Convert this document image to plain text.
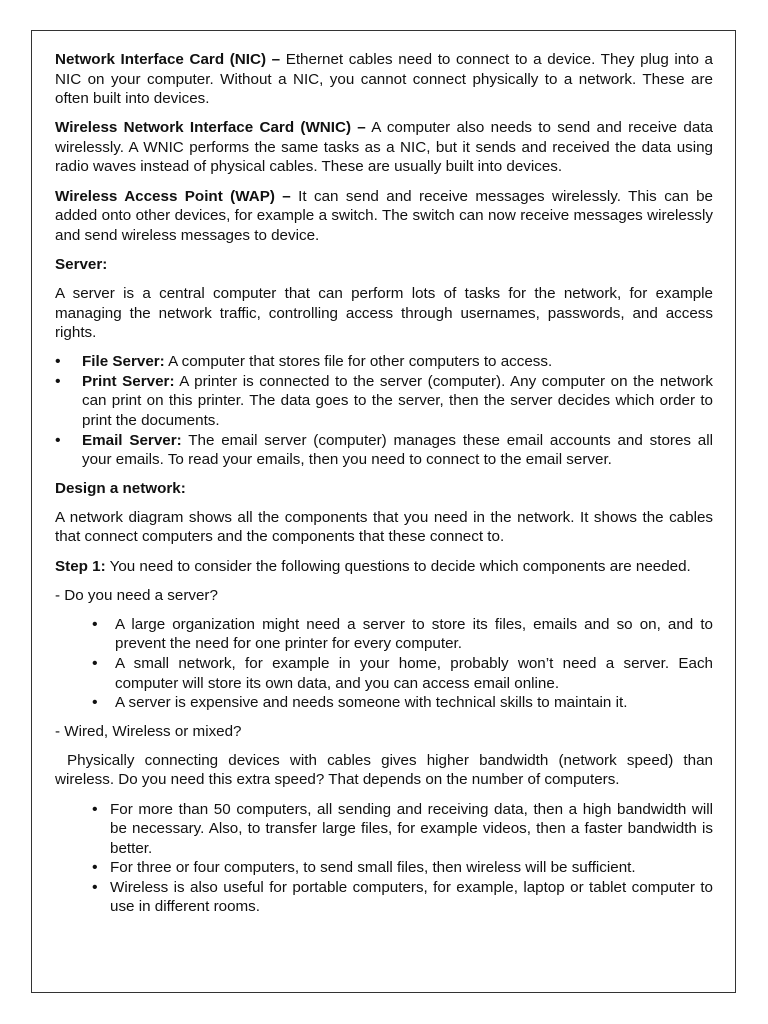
Network Interface Card (NIC) – Ethernet cables need to connect to a device. They plug into a NIC on your computer. Without a NIC, you cannot connect physically to a network. These are often built into devices.

Wireless Network Interface Card (WNIC) – A computer also needs to send and receive data wirelessly. A WNIC performs the same tasks as a NIC, but it sends and received the data using radio waves instead of physical cables. These are usually built into devices.

Wireless Access Point (WAP) – It can send and receive messages wirelessly. This can be added onto other devices, for example a switch. The switch can now receive messages wirelessly and send wireless messages to device.

Server:

A server is a central computer that can perform lots of tasks for the network, for example managing the network traffic, controlling access through usernames, passwords, and access rights.

• File Server: A computer that stores file for other computers to access.
• Print Server: A printer is connected to the server (computer). Any computer on the network can print on this printer. The data goes to the server, then the server decides which order to print the documents.
• Email Server: The email server (computer) manages these email accounts and stores all your emails. To read your emails, then you need to connect to the email server.

Design a network:

A network diagram shows all the components that you need in the network. It shows the cables that connect computers and the components that these connect to.

Step 1: You need to consider the following questions to decide which components are needed.

- Do you need a server?

• A large organization might need a server to store its files, emails and so on, and to prevent the need for one printer for every computer.
• A small network, for example in your home, probably won’t need a server. Each computer will store its own data, and you can access email online.
• A server is expensive and needs someone with technical skills to maintain it.

- Wired, Wireless or mixed?

Physically connecting devices with cables gives higher bandwidth (network speed) than wireless. Do you need this extra speed? That depends on the number of computers.

• For more than 50 computers, all sending and receiving data, then a high bandwidth will be necessary. Also, to transfer large files, for example videos, then a faster bandwidth is better.
• For three or four computers, to send small files, then wireless will be sufficient.
• Wireless is also useful for portable computers, for example, laptop or tablet computer to use in different rooms.
